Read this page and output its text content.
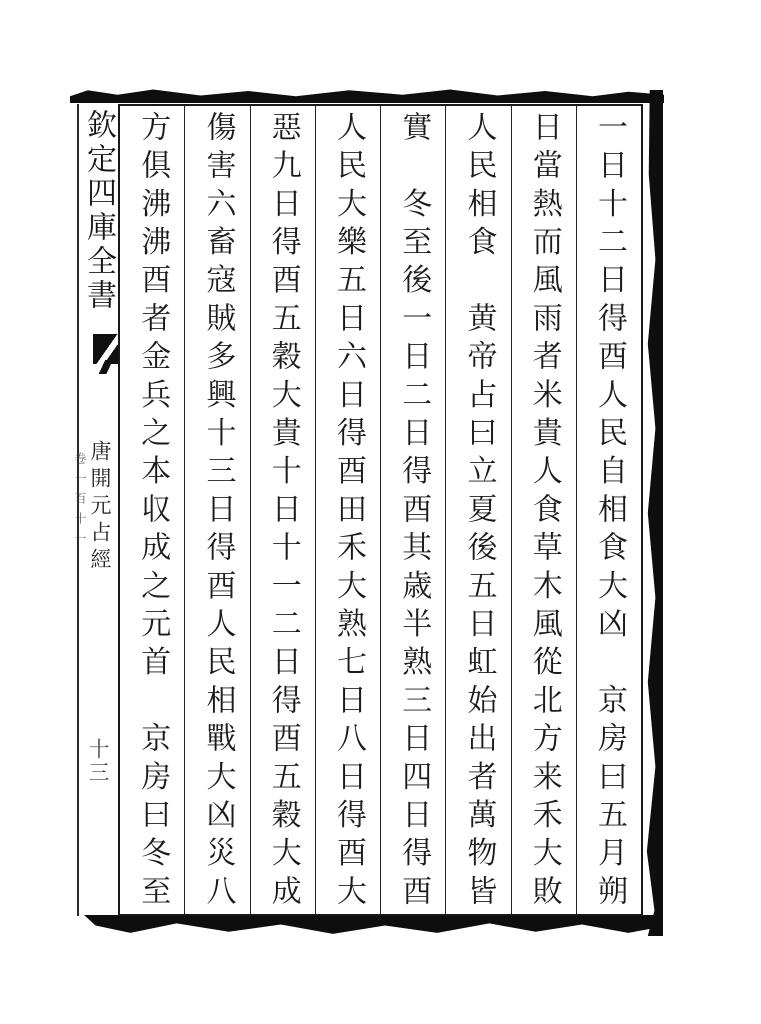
欽定四庫全書
唐開元占經
卷一百十一
十三	一日十二日得酉人民自相食大凶　京房曰五月朔
日當熱而風雨者米貴人食草木風從北方来禾大敗
人民相食　黄帝占曰立夏後五日虹始出者萬物皆
實　冬至後一日二日得酉其歳半熟三日四日得酉
人民大樂五日六日得酉田禾大熟七日八日得酉大
惡九日得酉五穀大貴十日十一二日得酉五穀大成
傷害六畜寇賊多興十三日得酉人民相戰大凶災八
方俱沸沸酉者金兵之本収成之元首　京房曰冬至
